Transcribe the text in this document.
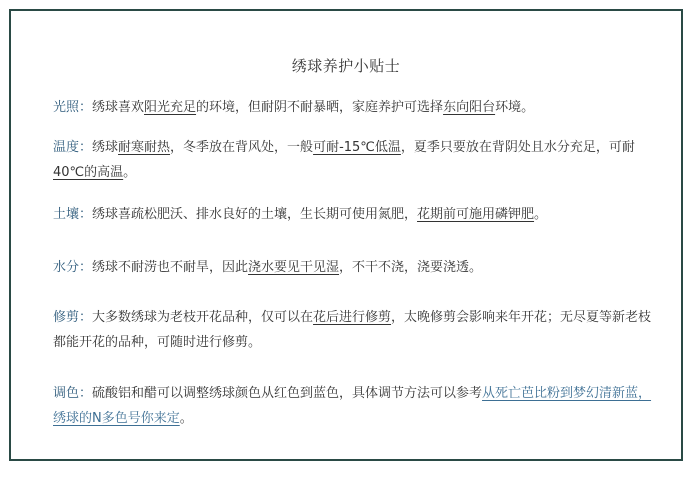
绣球养护小贴士

光照：绣球喜欢阳光充足的环境，但耐阴不耐暴晒，家庭养护可选择东向阳台环境。

温度：绣球耐寒耐热，冬季放在背风处，一般可耐-15℃低温，夏季只要放在背阴处且水分充足，可耐40℃的高温。

土壤：绣球喜疏松肥沃、排水良好的土壤，生长期可使用氮肥，花期前可施用磷钾肥。

水分：绣球不耐涝也不耐旱，因此浇水要见干见湿，不干不浇，浇要浇透。

修剪：大多数绣球为老枝开花品种，仅可以在花后进行修剪，太晚修剪会影响来年开花；无尽夏等新老枝都能开花的品种，可随时进行修剪。

调色：硫酸铝和醋可以调整绣球颜色从红色到蓝色，具体调节方法可以参考从死亡芭比粉到梦幻清新蓝，绣球的N多色号你来定。
